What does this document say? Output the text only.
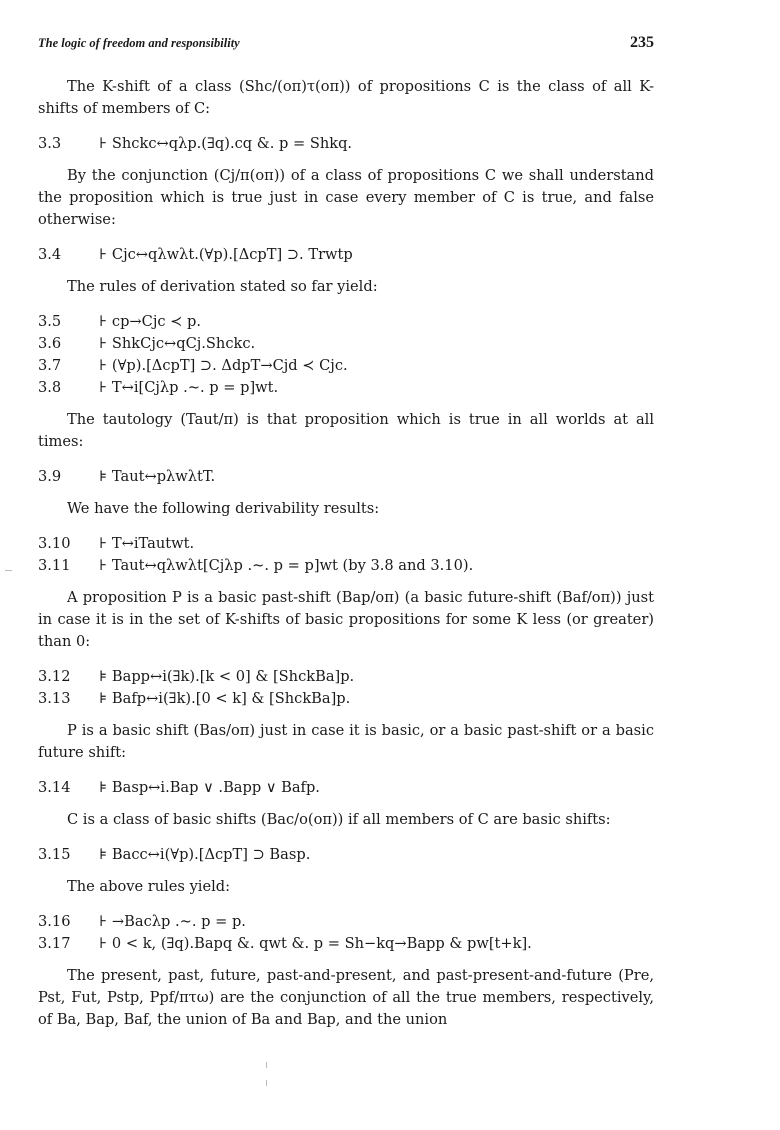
The logic of freedom and responsibility	235
The K-shift of a class (Shc/(oπ)τ(oπ)) of propositions C is the class of all K-shifts of members of C:
3.3	⊦ Shckc↔qλp.(∃q).cq &. p = Shkq.
By the conjunction (Cj/π(oπ)) of a class of propositions C we shall understand the proposition which is true just in case every member of C is true, and false otherwise:
3.4	⊦ Cjc↔qλwλt.(∀p).[ΔcpT] ⊃. Trwtp
The rules of derivation stated so far yield:
3.5	⊦ cp→Cjc ≺ p.
3.6	⊦ ShkCjc↔qCj.Shckc.
3.7	⊦ (∀p).[ΔcpT] ⊃. ΔdpT→Cjd ≺ Cjc.
3.8	⊦ T↔i[Cjλp .~. p = p]wt.
The tautology (Taut/π) is that proposition which is true in all worlds at all times:
3.9	⊧ Taut↔pλwλtT.
We have the following derivability results:
3.10	⊦ T↔iTautwt.
3.11	⊦ Taut↔qλwλt[Cjλp .~. p = p]wt (by 3.8 and 3.10).
A proposition P is a basic past-shift (Bap/oπ) (a basic future-shift (Baf/oπ)) just in case it is in the set of K-shifts of basic propositions for some K less (or greater) than 0:
3.12	⊧ Bapp↔i(∃k).[k < 0] & [ShckBa]p.
3.13	⊧ Bafp↔i(∃k).[0 < k] & [ShckBa]p.
P is a basic shift (Bas/oπ) just in case it is basic, or a basic past-shift or a basic future shift:
3.14	⊧ Basp↔i.Bap ∨ .Bapp ∨ Bafp.
C is a class of basic shifts (Bac/o(oπ)) if all members of C are basic shifts:
3.15	⊧ Bacc↔i(∀p).[ΔcpT] ⊃ Basp.
The above rules yield:
3.16	⊦ →Bacλp .~. p = p.
3.17	⊦ 0 < k, (∃q).Bapq &. qwt &. p = Sh−kq→Bapp & pw[t+k].
The present, past, future, past-and-present, and past-present-and-future (Pre, Pst, Fut, Pstp, Ppf/πτω) are the conjunction of all the true members, respectively, of Ba, Bap, Baf, the union of Ba and Bap, and the union
